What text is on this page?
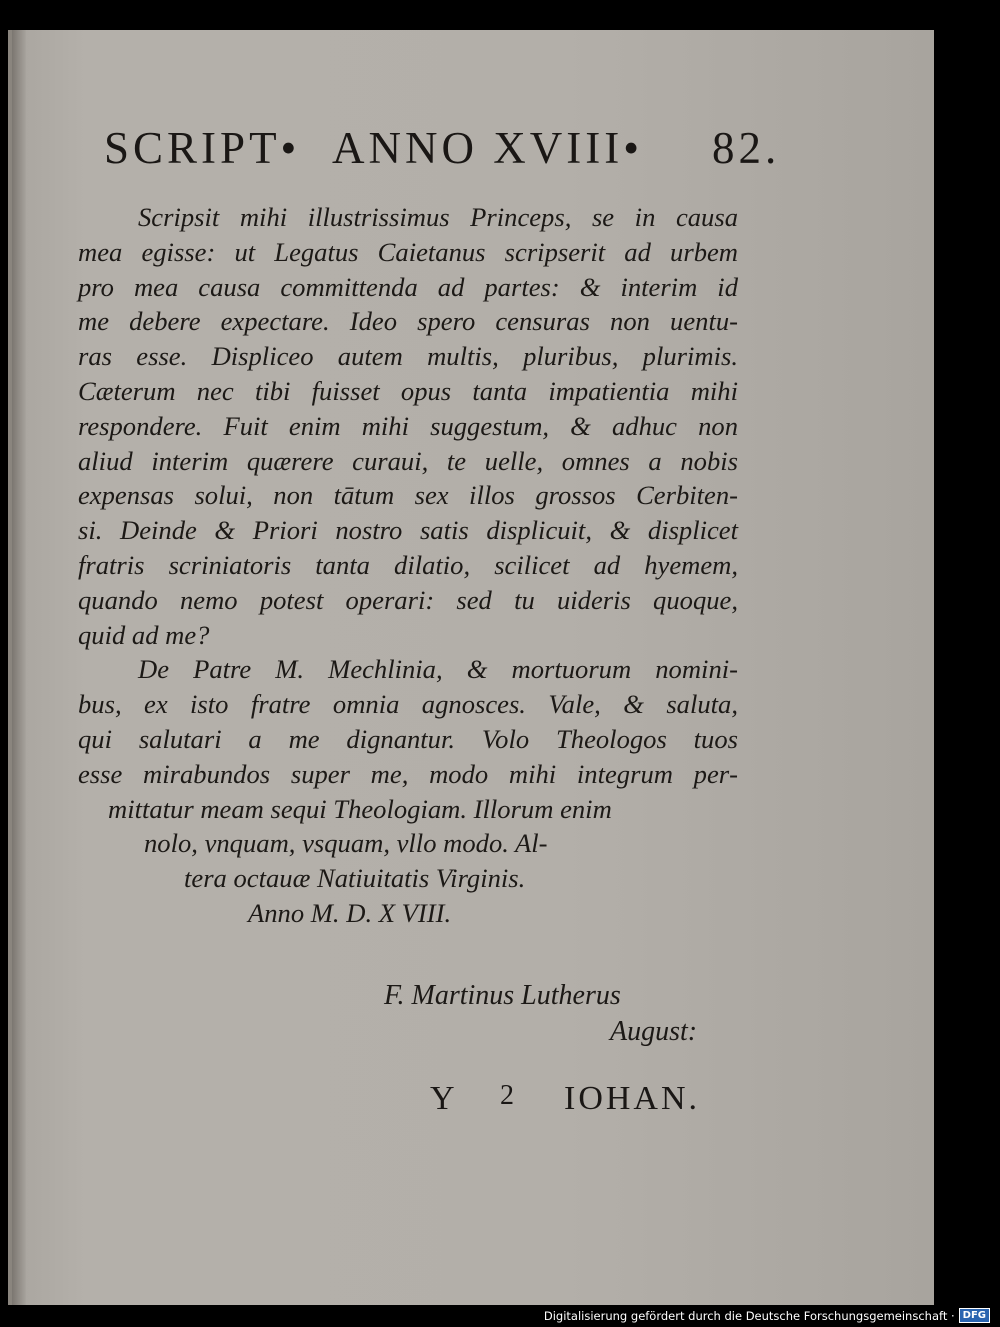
SCRIPT• ANNO XVIII• 82.
Scripsit mihi illustrissimus Princeps, se in causa
mea egisse: ut Legatus Caietanus scripserit ad urbem
pro mea causa committenda ad partes: & interim id
me debere expectare. Ideo spero censuras non uentu‑
ras esse. Displiceo autem multis, pluribus, plurimis.
Cæterum nec tibi fuisset opus tanta impatientia mihi
respondere. Fuit enim mihi suggestum, & adhuc non
aliud interim quærere curaui, te uelle, omnes a nobis
expensas solui, non tātum sex illos grossos Cerbiten‑
si. Deinde & Priori nostro satis displicuit, & displicet
fratris scriniatoris tanta dilatio, scilicet ad hyemem,
quando nemo potest operari: sed tu uideris quoque,
quid ad me?
De Patre M. Mechlinia, & mortuorum nomini‑
bus, ex isto fratre omnia agnosces. Vale, & saluta,
qui salutari a me dignantur. Volo Theologos tuos
esse mirabundos super me, modo mihi integrum per‑
mittatur meam sequi Theologiam. Illorum enim
nolo, vnquam, vsquam, vllo modo. Al‑
tera octauæ Natiuitatis Virginis.
Anno M. D. X VIII.
F. Martinus Lutherus
August:
Y 2 IOHAN.
Digitalisierung gefördert durch die Deutsche Forschungsgemeinschaft · DFG
